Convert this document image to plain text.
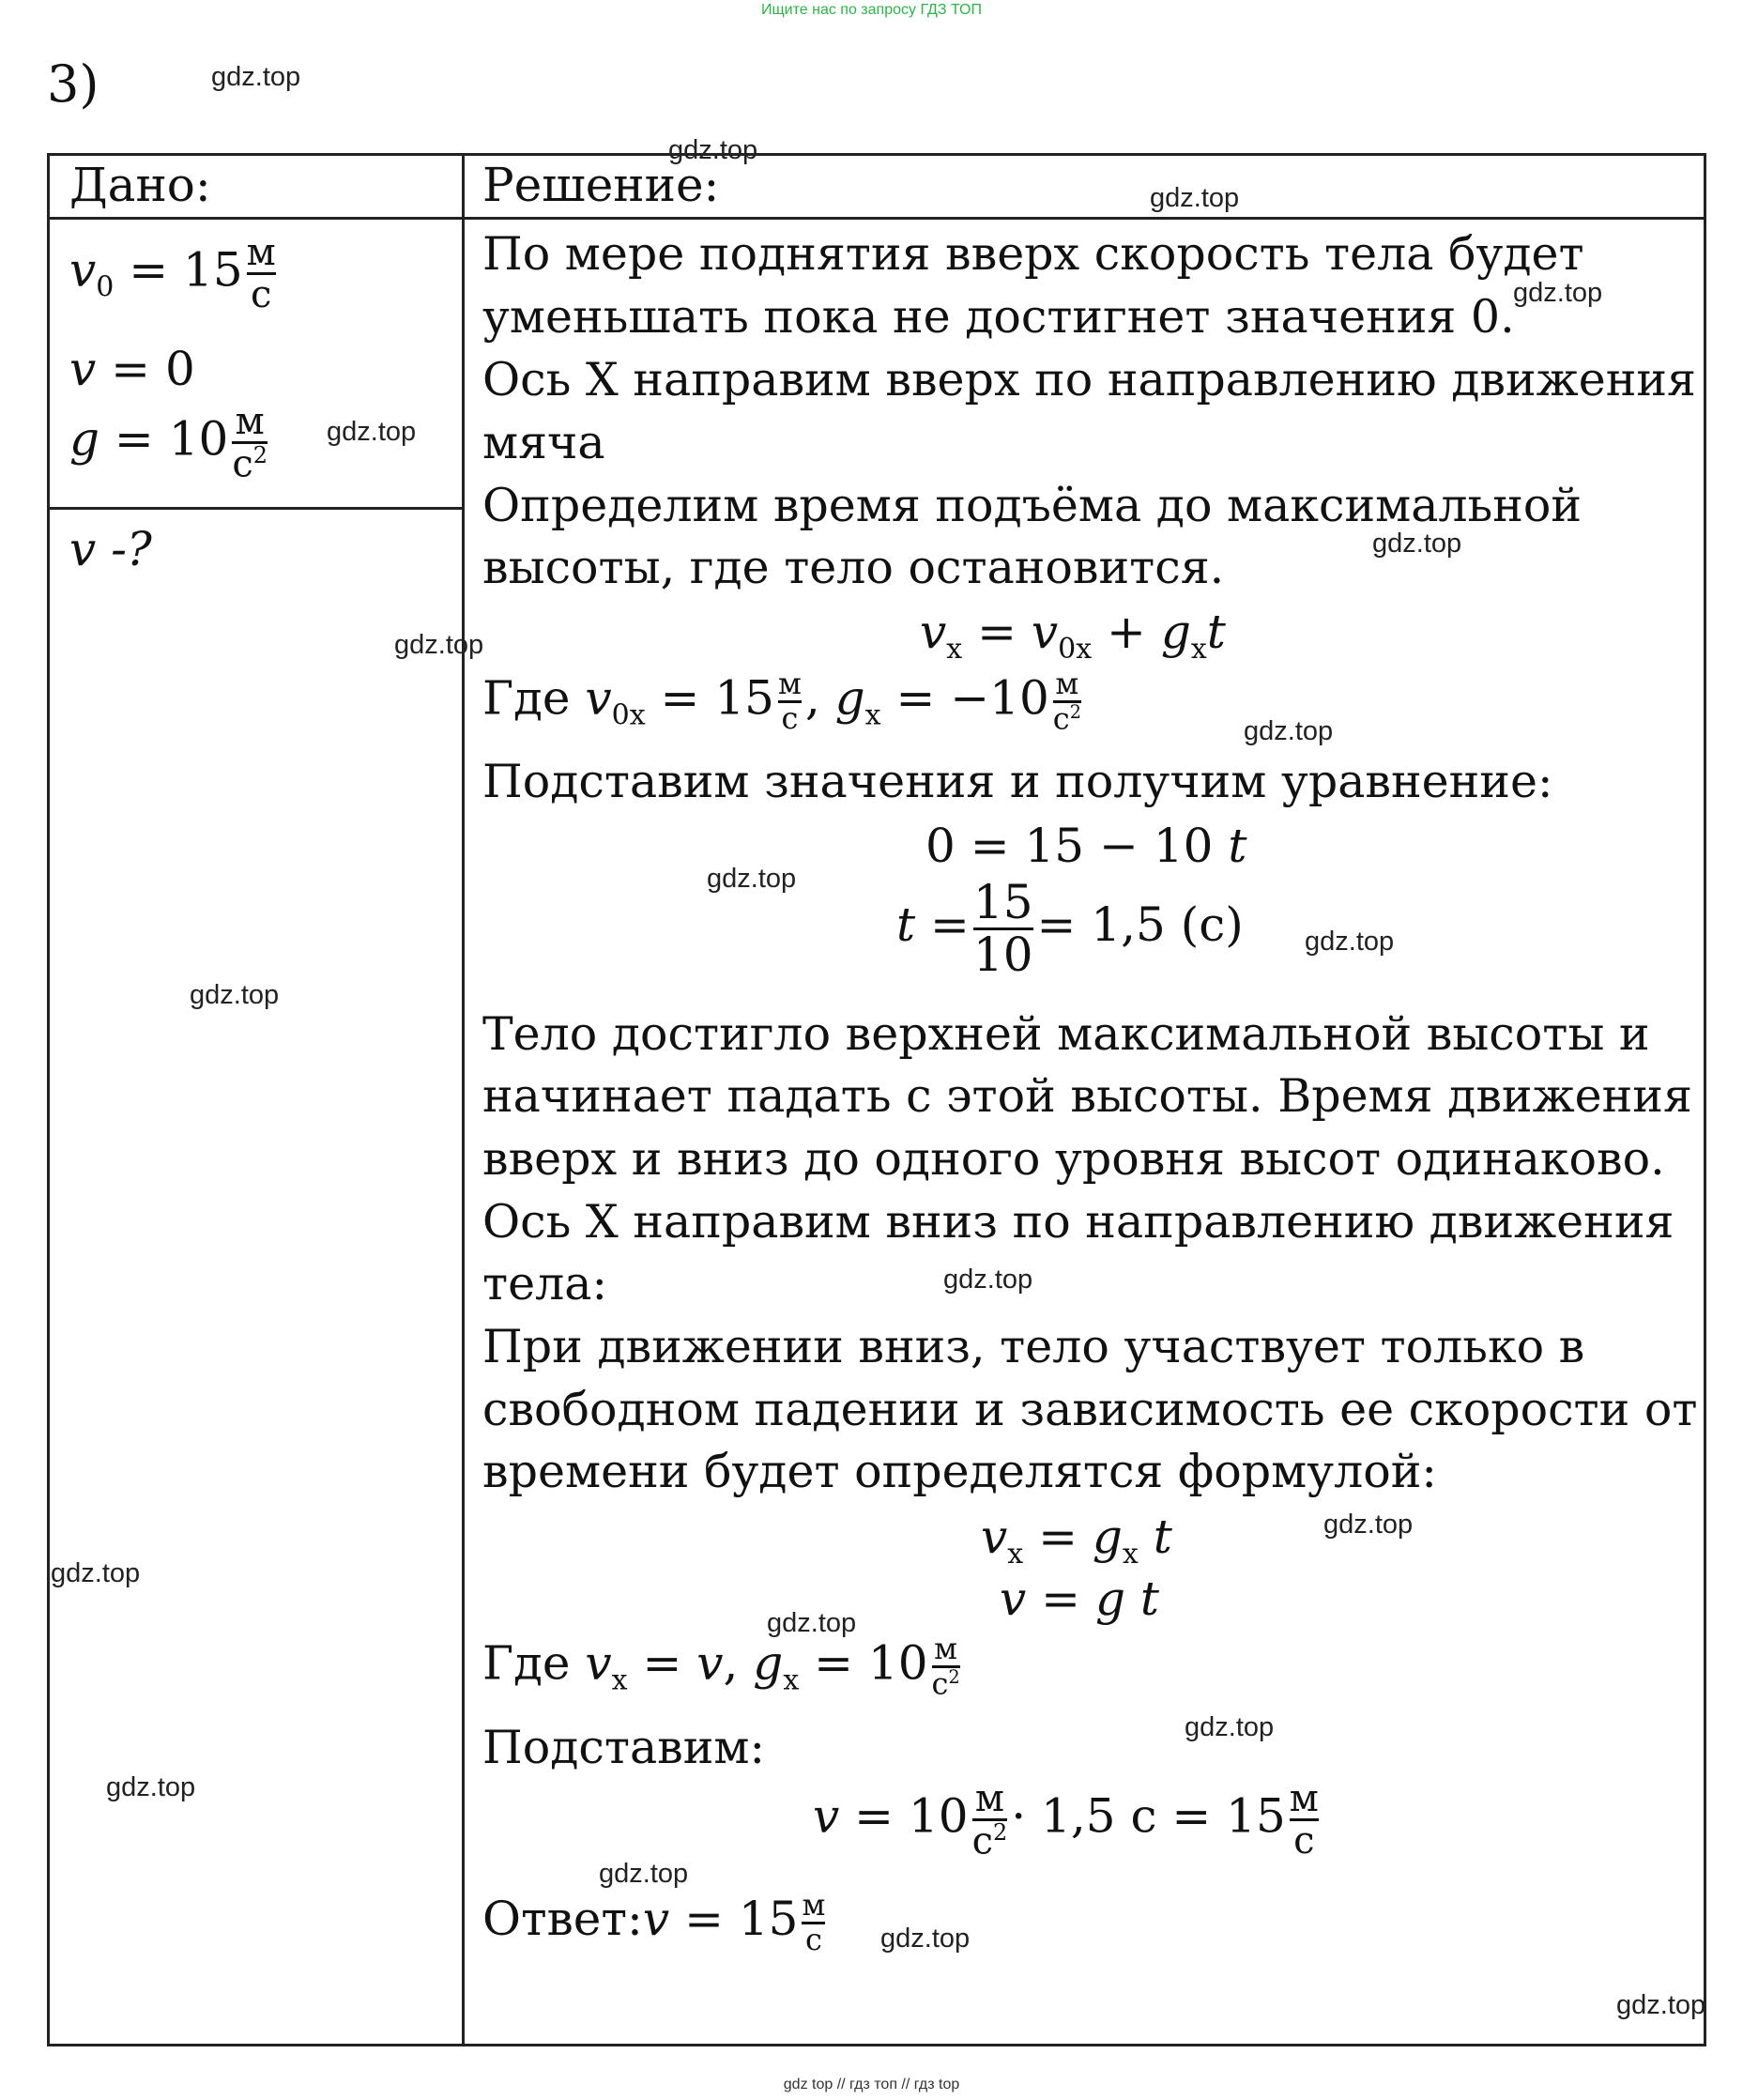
Ищите нас по запросу ГДЗ ТОП
3)
Дано:	Решение:
$v_0 = 15 \frac{м}{с}$
v = 0
$g = 10 \frac{м}{с^2}$
v -?
По мере поднятия вверх скорость тела будет
уменьшать пока не достигнет значения 0.
Ось X направим вверх по направлению движения
мяча
Определим время подъёма до максимальной
высоты, где тело остановится.
$v_x = v_{0x} + g_xt$
Где $v_{0x} = 15 \frac{м}{с}$ , $g_x = -10 \frac{м}{с^2}$
Подставим значения и получим уравнение:
0 = 15 − 10 t
$t = \frac{15}{10} = 1,5$ (с)
Тело достигло верхней максимальной высоты и
начинает падать с этой высоты. Время движения
вверх и вниз до одного уровня высот одинаково.
Ось X направим вниз по направлению движения
тела:
При движении вниз, тело участвует только в
свободном падении и зависимость ее скорости от
времени будет определятся формулой:
$v_x = g_x$ t
v = g t
Где $v_x = v$, $g_x = 10 \frac{м}{с^2}$
Подставим:
$v = 10 \frac{м}{с^2} \cdot 1,5$ $с = 15 \frac{м}{с}$
Ответ:v = $15 \frac{м}{с}$
gdz.top
gdz.top
gdz.top
gdz.top
gdz.top
gdz.top
gdz.top
gdz.top
gdz.top
gdz.top
gdz.top
gdz.top
gdz.top
gdz.top
gdz.top
gdz.top
gdz.top
gdz.top
gdz.top
gdz.top
gdz top // гдз топ // гдз top
